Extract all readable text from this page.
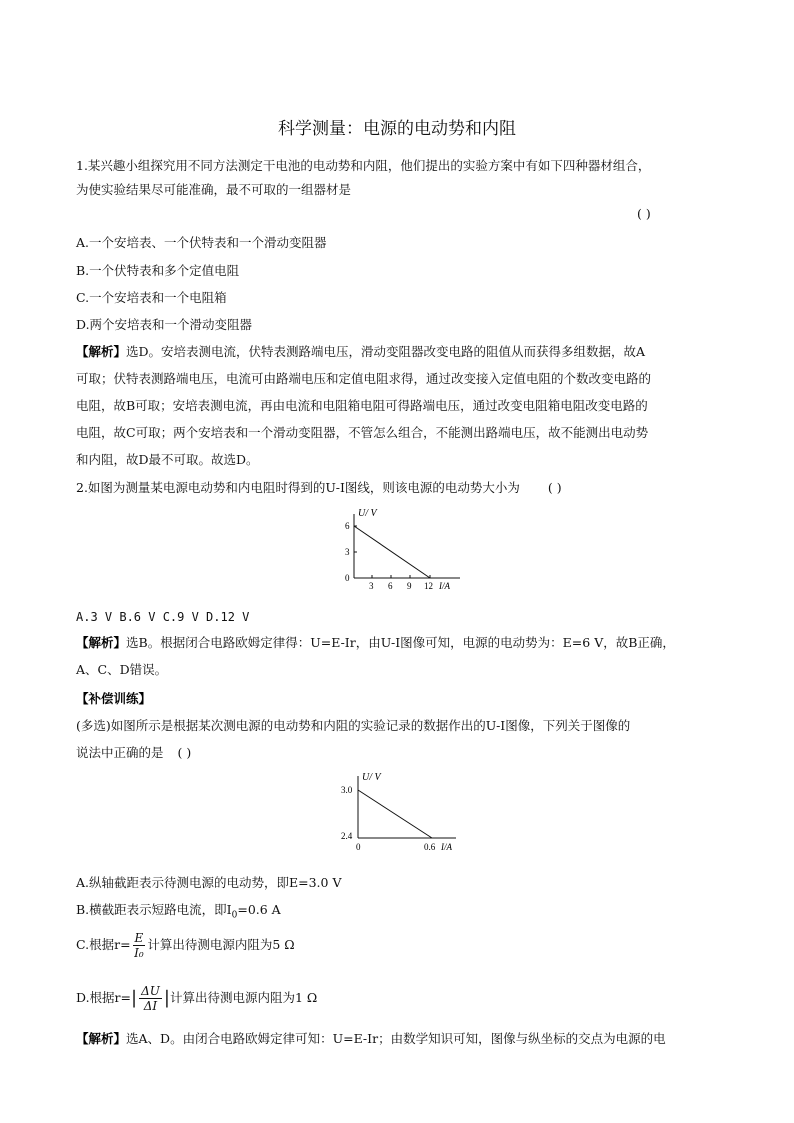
科学测量：电源的电动势和内阻
1.某兴趣小组探究用不同方法测定干电池的电动势和内阻，他们提出的实验方案中有如下四种器材组合，
为使实验结果尽可能准确，最不可取的一组器材是
( )
A.一个安培表、一个伏特表和一个滑动变阻器
B.一个伏特表和多个定值电阻
C.一个安培表和一个电阻箱
D.两个安培表和一个滑动变阻器
【解析】选D。安培表测电流，伏特表测路端电压，滑动变阻器改变电路的阻值从而获得多组数据，故A
可取；伏特表测路端电压，电流可由路端电压和定值电阻求得，通过改变接入定值电阻的个数改变电路的
电阻，故B可取；安培表测电流，再由电流和电阻箱电阻可得路端电压，通过改变电阻箱电阻改变电路的
电阻，故C可取；两个安培表和一个滑动变阻器，不管怎么组合，不能测出路端电压，故不能测出电动势
和内阻，故D最不可取。故选D。
2.如图为测量某电源电动势和内电阻时得到的U-I图线，则该电源的电动势大小为 ( )
U/ V
6
3
0
3 6 9 12 I/A
A.3 V B.6 V C.9 V D.12 V
【解析】选B。根据闭合电路欧姆定律得：U=E-Ir，由U-I图像可知，电源的电动势为：E=6 V，故B正确，
A、C、D错误。
【补偿训练】
(多选)如图所示是根据某次测电源的电动势和内阻的实验记录的数据作出的U-I图像，下列关于图像的
说法中正确的是 ( )
U/ V
3.0
2.4
0	0.6 I/A
A.纵轴截距表示待测电源的电动势，即E=3.0 V
B.横截距表示短路电流，即$I_0=0.6$ A
C.根据$r= \frac{E}{\text{I₀}}$ 计算出待测电源内阻为5 Ω
D.根据$r=| \frac{\Delta U}{\Delta I}$ |计算出待测电源内阻为1 Ω
【解析】选A、D。由闭合电路欧姆定律可知：U=E-Ir；由数学知识可知，图像与纵坐标的交点为电源的电
